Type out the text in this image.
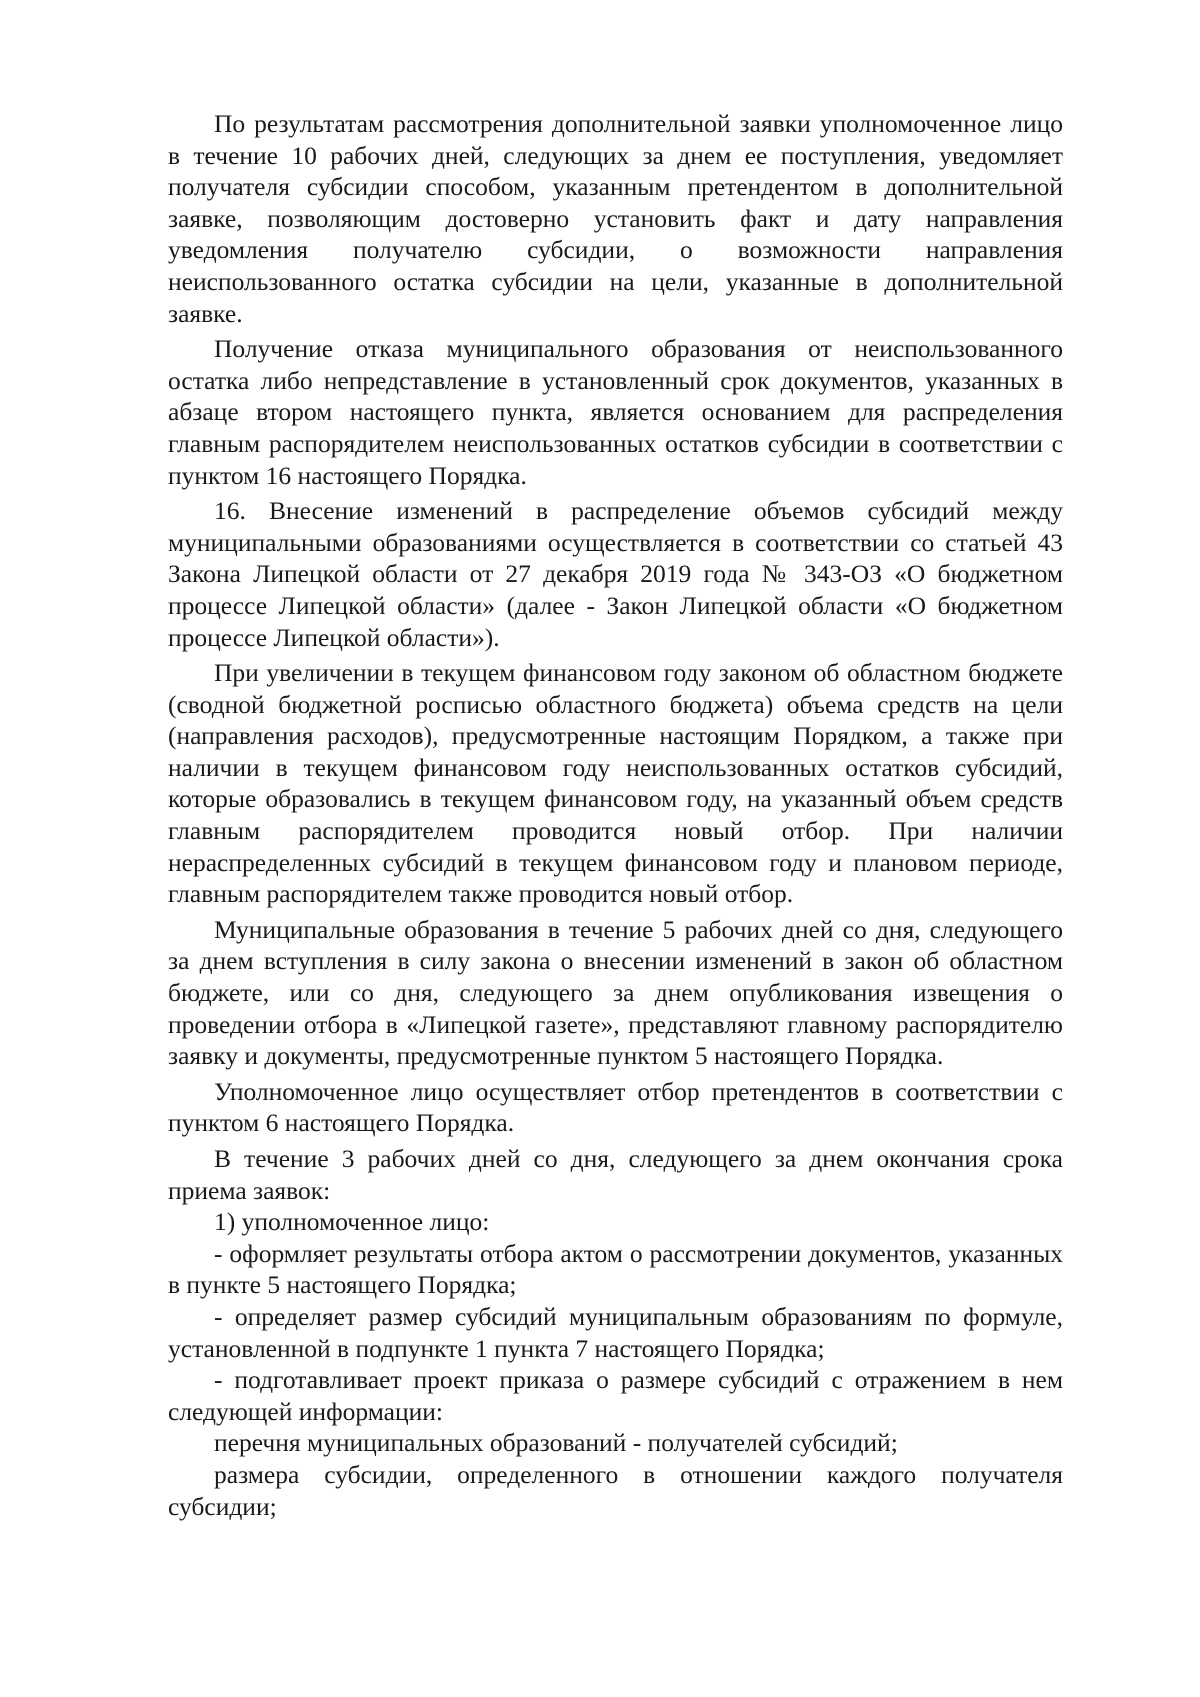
По результатам рассмотрения дополнительной заявки уполномоченное лицо в течение 10 рабочих дней, следующих за днем ее поступления, уведомляет получателя субсидии способом, указанным претендентом в дополнительной заявке, позволяющим достоверно установить факт и дату направления уведомления получателю субсидии, о возможности направления неиспользованного остатка субсидии на цели, указанные в дополнительной заявке.

Получение отказа муниципального образования от неиспользованного остатка либо непредставление в установленный срок документов, указанных в абзаце втором настоящего пункта, является основанием для распределения главным распорядителем неиспользованных остатков субсидии в соответствии с пунктом 16 настоящего Порядка.

16. Внесение изменений в распределение объемов субсидий между муниципальными образованиями осуществляется в соответствии со статьей 43 Закона Липецкой области от 27 декабря 2019 года № 343-ОЗ «О бюджетном процессе Липецкой области» (далее - Закон Липецкой области «О бюджетном процессе Липецкой области»).

При увеличении в текущем финансовом году законом об областном бюджете (сводной бюджетной росписью областного бюджета) объема средств на цели (направления расходов), предусмотренные настоящим Порядком, а также при наличии в текущем финансовом году неиспользованных остатков субсидий, которые образовались в текущем финансовом году, на указанный объем средств главным распорядителем проводится новый отбор. При наличии нераспределенных субсидий в текущем финансовом году и плановом периоде, главным распорядителем также проводится новый отбор.

Муниципальные образования в течение 5 рабочих дней со дня, следующего за днем вступления в силу закона о внесении изменений в закон об областном бюджете, или со дня, следующего за днем опубликования извещения о проведении отбора в «Липецкой газете», представляют главному распорядителю заявку и документы, предусмотренные пунктом 5 настоящего Порядка.

Уполномоченное лицо осуществляет отбор претендентов в соответствии с пунктом 6 настоящего Порядка.

В течение 3 рабочих дней со дня, следующего за днем окончания срока приема заявок:

1) уполномоченное лицо:

- оформляет результаты отбора актом о рассмотрении документов, указанных в пункте 5 настоящего Порядка;

- определяет размер субсидий муниципальным образованиям по формуле, установленной в подпункте 1 пункта 7 настоящего Порядка;

- подготавливает проект приказа о размере субсидий с отражением в нем следующей информации:

перечня муниципальных образований - получателей субсидий;

размера субсидии, определенного в отношении каждого получателя субсидии;
